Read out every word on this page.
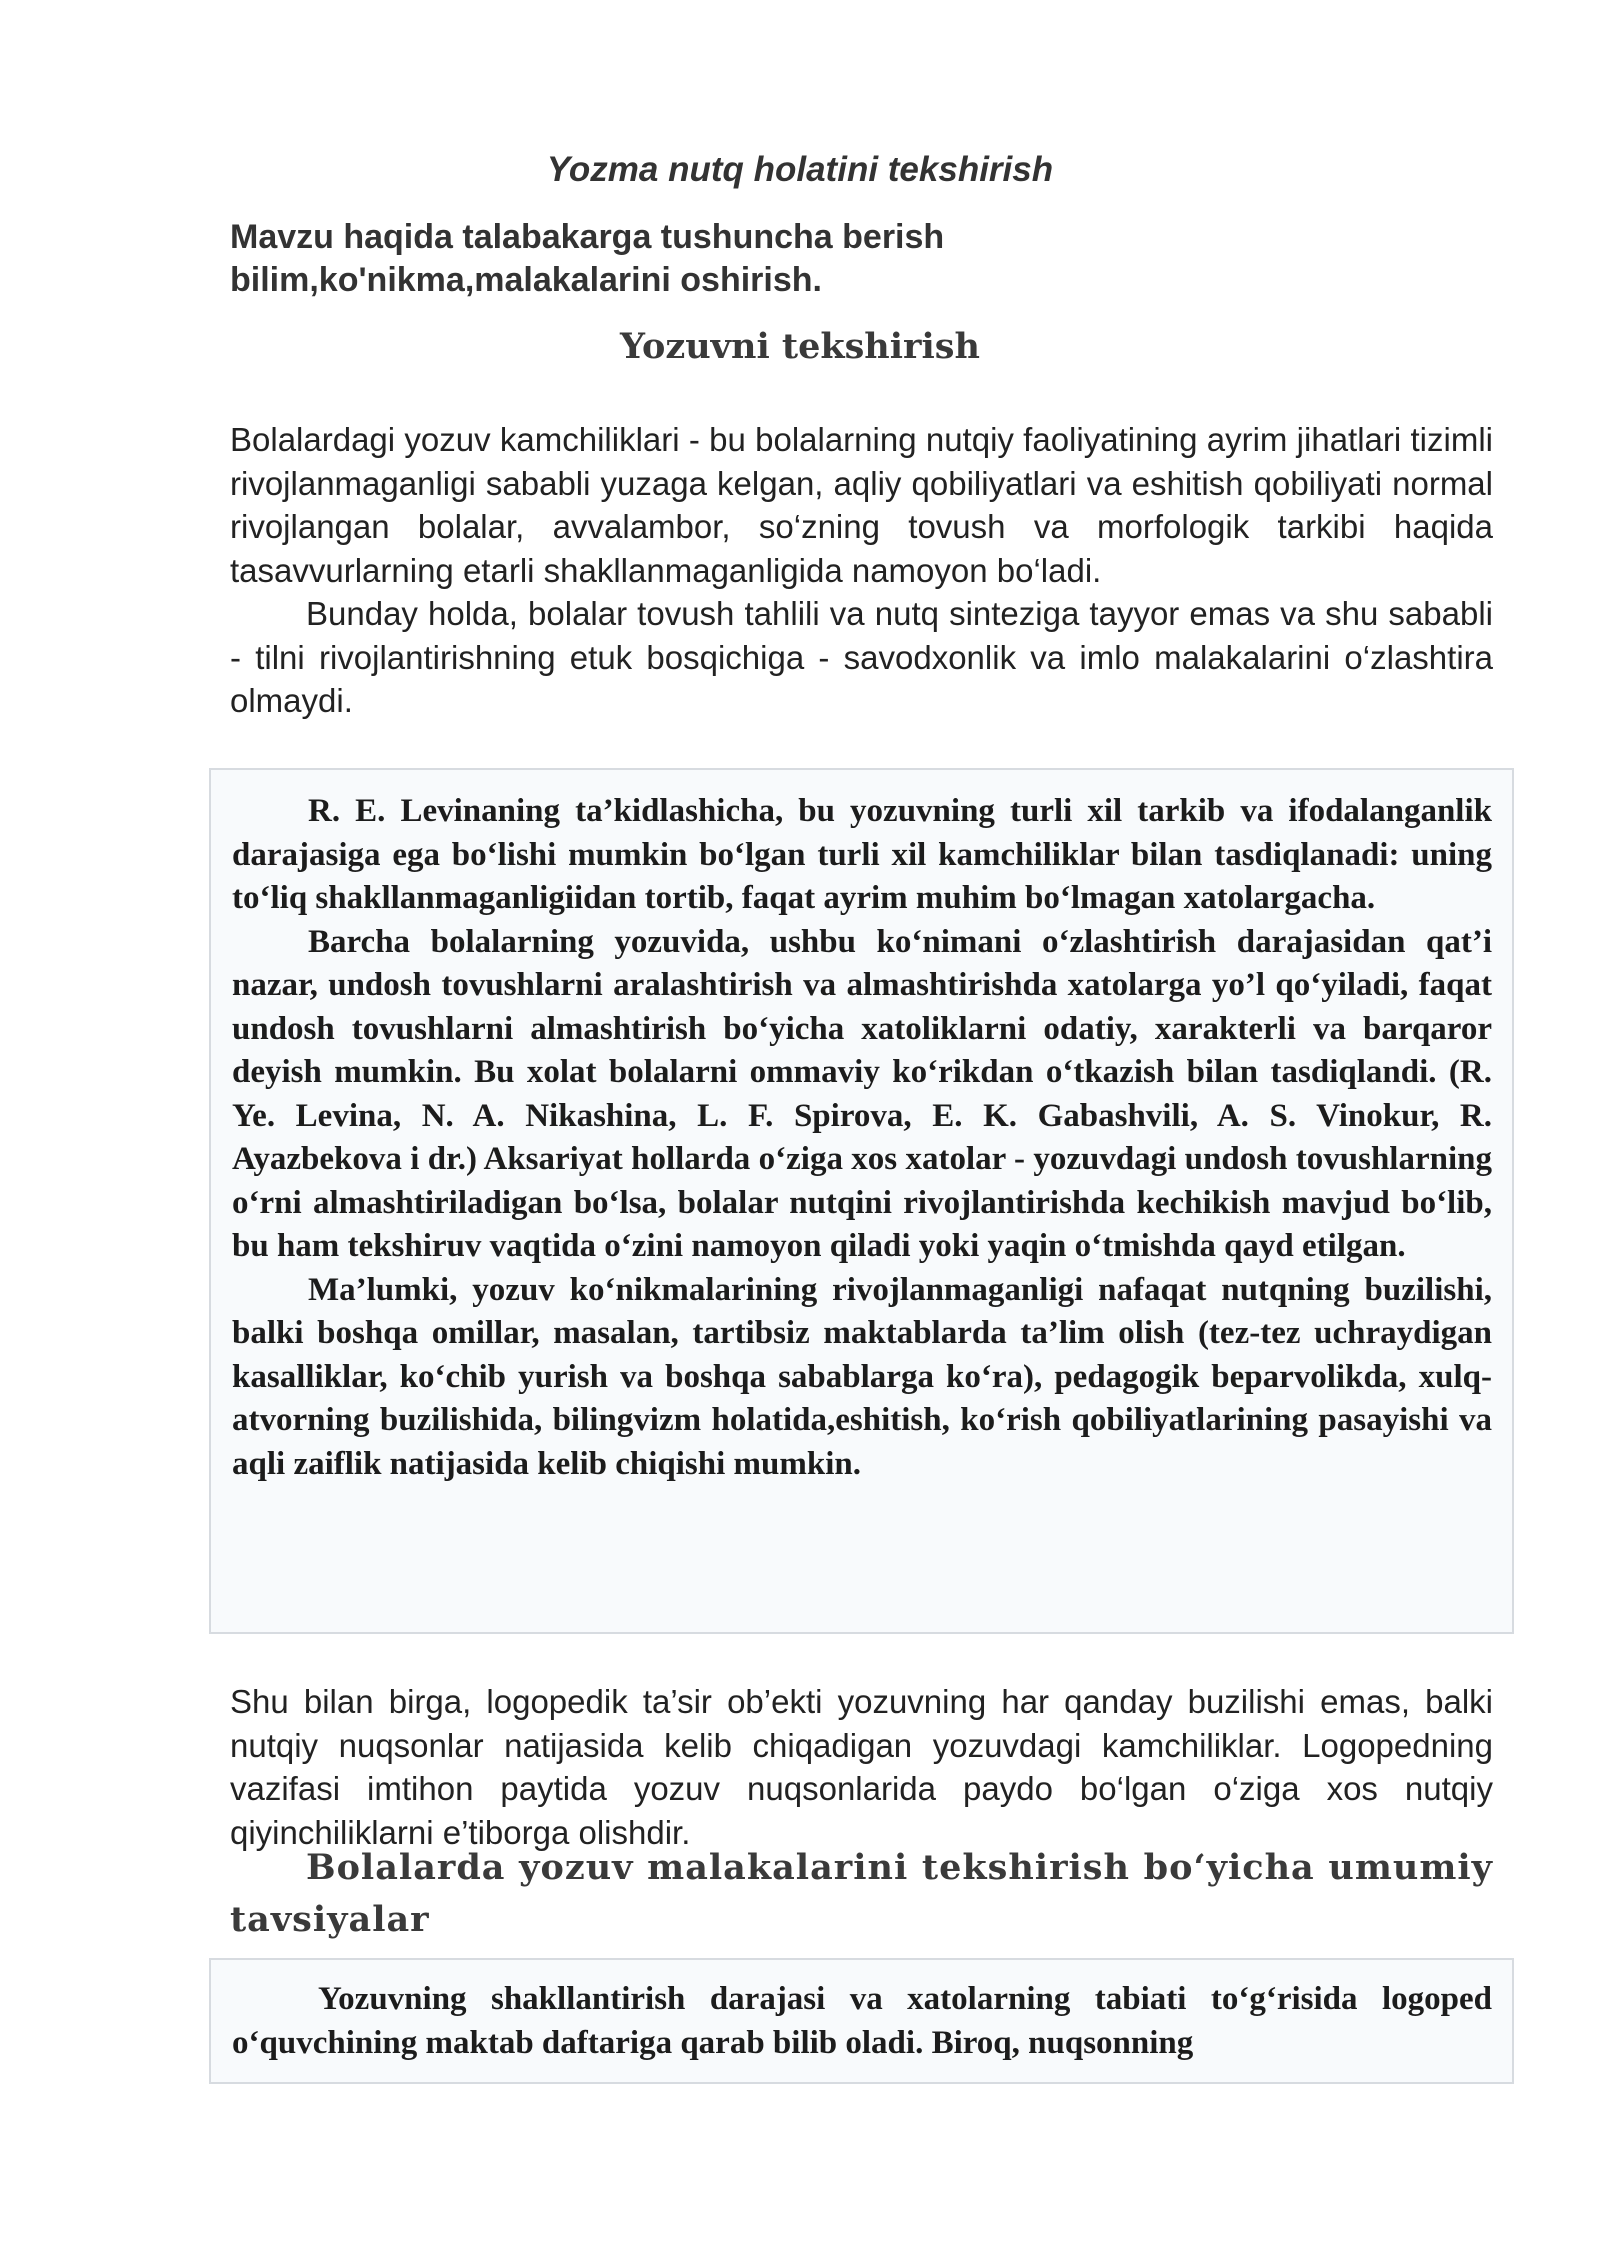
Yozma nutq holatini tekshirish
Mavzu haqida talabakarga tushuncha berish bilim,ko'nikma,malakalarini oshirish.
Yozuvni tekshirish

Bolalardagi yozuv kamchiliklari - bu bolalarning nutqiy faoliyatining ayrim jihatlari tizimli rivojlanmaganligi sababli yuzaga kelgan, aqliy qobiliyatlari va eshitish qobiliyati normal rivojlangan bolalar, avvalambor, so‘zning tovush va morfologik tarkibi haqida tasavvurlarning etarli shakllanmaganligida namoyon bo‘ladi.

Bunday holda, bolalar tovush tahlili va nutq sinteziga tayyor emas va shu sababli - tilni rivojlantirishning etuk bosqichiga - savodxonlik va imlo malakalarini o‘zlashtira olmaydi.

R. E. Levinaning ta’kidlashicha, bu yozuvning turli xil tarkib va ifodalanganlik darajasiga ega bo‘lishi mumkin bo‘lgan turli xil kamchiliklar bilan tasdiqlanadi: uning to‘liq shakllanmaganligiidan tortib, faqat ayrim muhim bo‘lmagan xatolargacha.

Barcha bolalarning yozuvida, ushbu ko‘nimani o‘zlashtirish darajasidan qat’i nazar, undosh tovushlarni aralashtirish va almashtirishda xatolarga yo’l qo‘yiladi, faqat undosh tovushlarni almashtirish bo‘yicha xatoliklarni odatiy, xarakterli va barqaror deyish mumkin. Bu xolat bolalarni ommaviy ko‘rikdan o‘tkazish bilan tasdiqlandi. (R. Ye. Levina, N. A. Nikashina, L. F. Spirova, E. K. Gabashvili, A. S. Vinokur, R. Ayazbekova i dr.) Aksariyat hollarda o‘ziga xos xatolar - yozuvdagi undosh tovushlarning o‘rni almashtiriladigan bo‘lsa, bolalar nutqini rivojlantirishda kechikish mavjud bo‘lib, bu ham tekshiruv vaqtida o‘zini namoyon qiladi yoki yaqin o‘tmishda qayd etilgan.

Ma’lumki, yozuv ko‘nikmalarining rivojlanmaganligi nafaqat nutqning buzilishi, balki boshqa omillar, masalan, tartibsiz maktablarda ta’lim olish (tez-tez uchraydigan kasalliklar, ko‘chib yurish va boshqa sabablarga ko‘ra), pedagogik beparvolikda, xulq-atvorning buzilishida, bilingvizm holatida,eshitish, ko‘rish qobiliyatlarining pasayishi va aqli zaiflik natijasida kelib chiqishi mumkin.

Shu bilan birga, logopedik ta’sir ob’ekti yozuvning har qanday buzilishi emas, balki nutqiy nuqsonlar natijasida kelib chiqadigan yozuvdagi kamchiliklar. Logopedning vazifasi imtihon paytida yozuv nuqsonlarida paydo bo‘lgan o‘ziga xos nutqiy qiyinchiliklarni e’tiborga olishdir.

Bolalarda yozuv malakalarini tekshirish bo‘yicha umumiy tavsiyalar

Yozuvning shakllantirish darajasi va xatolarning tabiati to‘g‘risida logoped o‘quvchining maktab daftariga qarab bilib oladi. Biroq, nuqsonning
